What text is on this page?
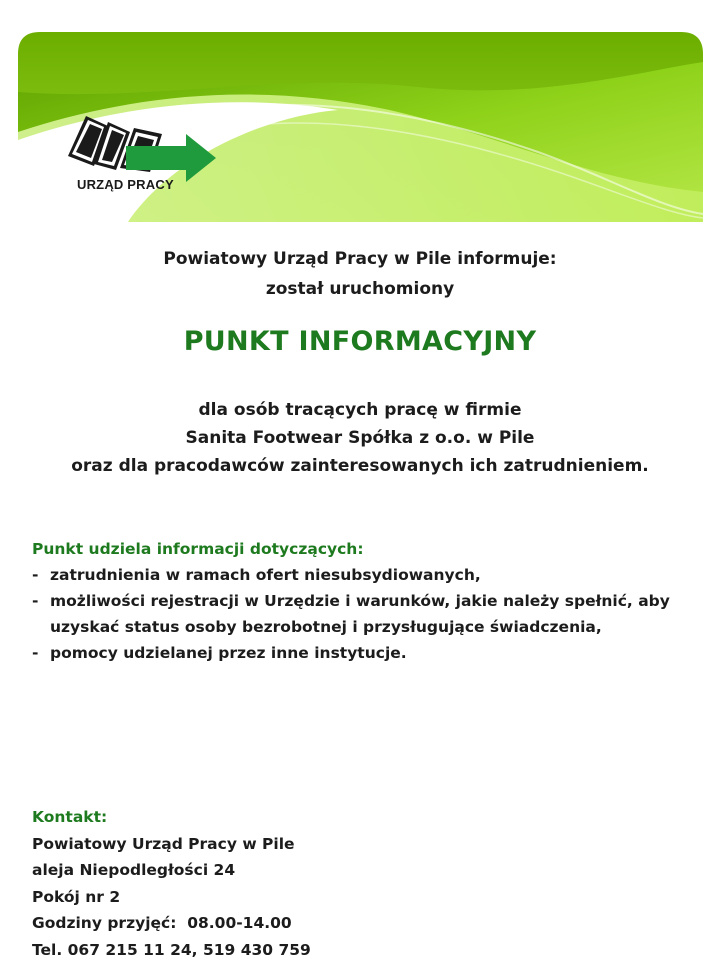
URZĄD PRACY
Powiatowy Urząd Pracy w Pile informuje:
został uruchomiony
PUNKT INFORMACYJNY
dla osób tracących pracę w firmie
Sanita Footwear Spółka z o.o. w Pile
oraz dla pracodawców zainteresowanych ich zatrudnieniem.
Punkt udziela informacji dotyczących:
- zatrudnienia w ramach ofert niesubsydiowanych,
- możliwości rejestracji w Urzędzie i warunków, jakie należy spełnić, aby uzyskać status osoby bezrobotnej i przysługujące świadczenia,
- pomocy udzielanej przez inne instytucje.
Kontakt:
Powiatowy Urząd Pracy w Pile
aleja Niepodległości 24
Pokój nr 2
Godziny przyjęć:  08.00-14.00
Tel. 067 215 11 24, 519 430 759
